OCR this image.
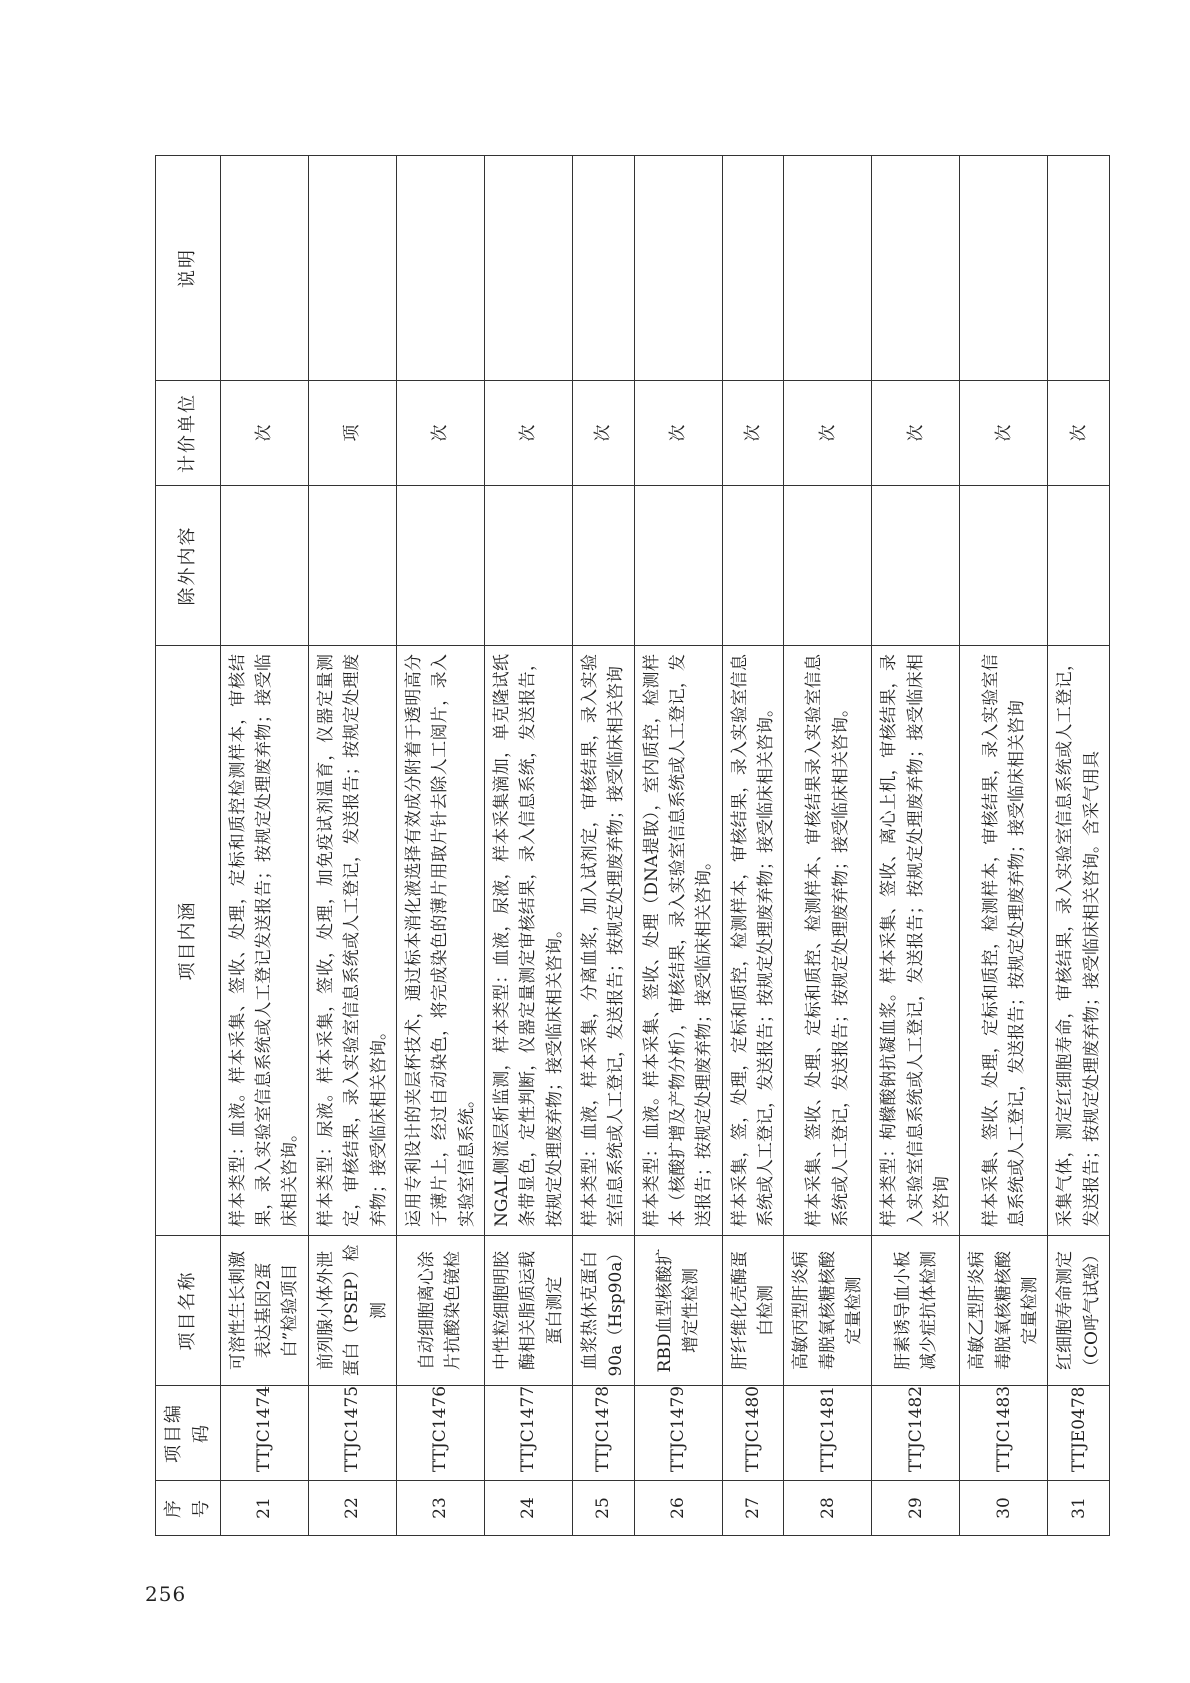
256
序号	项目编码	项目名称	项目内涵	除外内容	计价单位	说明
21	TTJC1474	可溶性生长刺激表达基因2蛋白”检验项目	样本类型：血液。样本采集、签收、处理，定标和质控检测样本，审核结果，录入实验室信息系统或人工登记发送报告；按规定处理废弃物；接受临床相关咨询。		次	
22	TTJC1475	前列腺小体外泄蛋白（PSEP）检测	样本类型：尿液。样本采集，签收，处理，加免疫试剂温育，仪器定量测定，审核结果，录入实验室信息系统或人工登记，发送报告；按规定处理废弃物；接受临床相关咨询。		项	
23	TTJC1476	自动细胞离心涂片抗酸染色镜检	运用专利设计的夹层杯技术，通过标本消化液选择有效成分附着于透明高分子薄片上，经过自动染色，将完成染色的薄片用取片针去除人工阅片，录入实验室信息系统。		次	
24	TTJC1477	中性粒细胞明胶酶相关脂质运载蛋白测定	NGAL侧流层析监测，样本类型：血液，尿液，样本采集滴加，单克隆试纸条带显色，定性判断，仪器定量测定审核结果，录入信息系统，发送报告，按规定处理废弃物；接受临床相关咨询。		次	
25	TTJC1478	血浆热休克蛋白90a（Hsp90a）	样本类型：血液，样本采集，分离血浆，加入试剂定，审核结果，录入实验室信息系统或人工登记，发送报告；按规定处理废弃物；接受临床相关咨询		次	
26	TTJC1479	RBD血型核酸扩增定性检测	样本类型：血液。样本采集、签收、处理（DNA提取），室内质控，检测样本（核酸扩增及产物分析），审核结果，录入实验室信息系统或人工登记，发送报告；按规定处理废弃物；接受临床相关咨询。		次	
27	TTJC1480	肝纤维化壳酶蛋白检测	样本采集，签，处理，定标和质控，检测样本，审核结果，录入实验室信息系统或人工登记，发送报告；按规定处理废弃物；接受临床相关咨询。		次	
28	TTJC1481	高敏丙型肝炎病毒脱氧核糖核酸定量检测	样本采集、签收、处理、定标和质控、检测样本、审核结果录入实验室信息系统或人工登记，发送报告；按规定处理废弃物；接受临床相关咨询。		次	
29	TTJC1482	肝素诱导血小板减少症抗体检测	样本类型：枸橼酸钠抗凝血浆。样本采集、签收、离心上机，审核结果，录入实验室信息系统或人工登记，发送报告；按规定处理废弃物；接受临床相关咨询		次	
30	TTJC1483	高敏乙型肝炎病毒脱氧核糖核酸定量检测	样本采集、签收、处理，定标和质控，检测样本，审核结果，录入实验室信息系统或人工登记，发送报告；按规定处理废弃物；接受临床相关咨询		次	
31	TTJE0478	红细胞寿命测定（CO呼气试验）	采集气体，测定红细胞寿命，审核结果，录入实验室信息系统或人工登记，发送报告；按规定处理废弃物；接受临床相关咨询。含采气用具		次	
